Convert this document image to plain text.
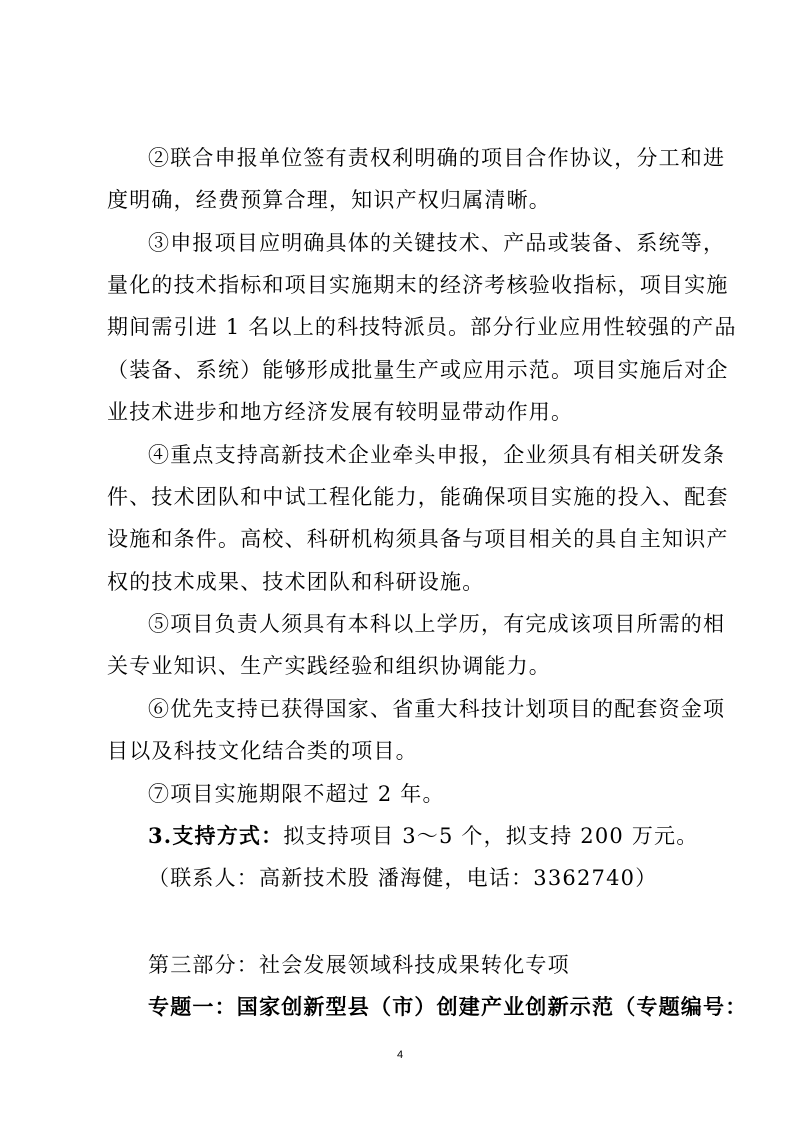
②联合申报单位签有责权利明确的项目合作协议，分工和进
度明确，经费预算合理，知识产权归属清晰。
③申报项目应明确具体的关键技术、产品或装备、系统等，
量化的技术指标和项目实施期末的经济考核验收指标，项目实施
期间需引进 1 名以上的科技特派员。部分行业应用性较强的产品
（装备、系统）能够形成批量生产或应用示范。项目实施后对企
业技术进步和地方经济发展有较明显带动作用。
④重点支持高新技术企业牵头申报，企业须具有相关研发条
件、技术团队和中试工程化能力，能确保项目实施的投入、配套
设施和条件。高校、科研机构须具备与项目相关的具自主知识产
权的技术成果、技术团队和科研设施。
⑤项目负责人须具有本科以上学历，有完成该项目所需的相
关专业知识、生产实践经验和组织协调能力。
⑥优先支持已获得国家、省重大科技计划项目的配套资金项
目以及科技文化结合类的项目。
⑦项目实施期限不超过 2 年。
3.支持方式：拟支持项目 3～5 个，拟支持 200 万元。
（联系人：高新技术股 潘海健，电话：3362740）
第三部分：社会发展领域科技成果转化专项
专题一：国家创新型县（市）创建产业创新示范（专题编号：
4
